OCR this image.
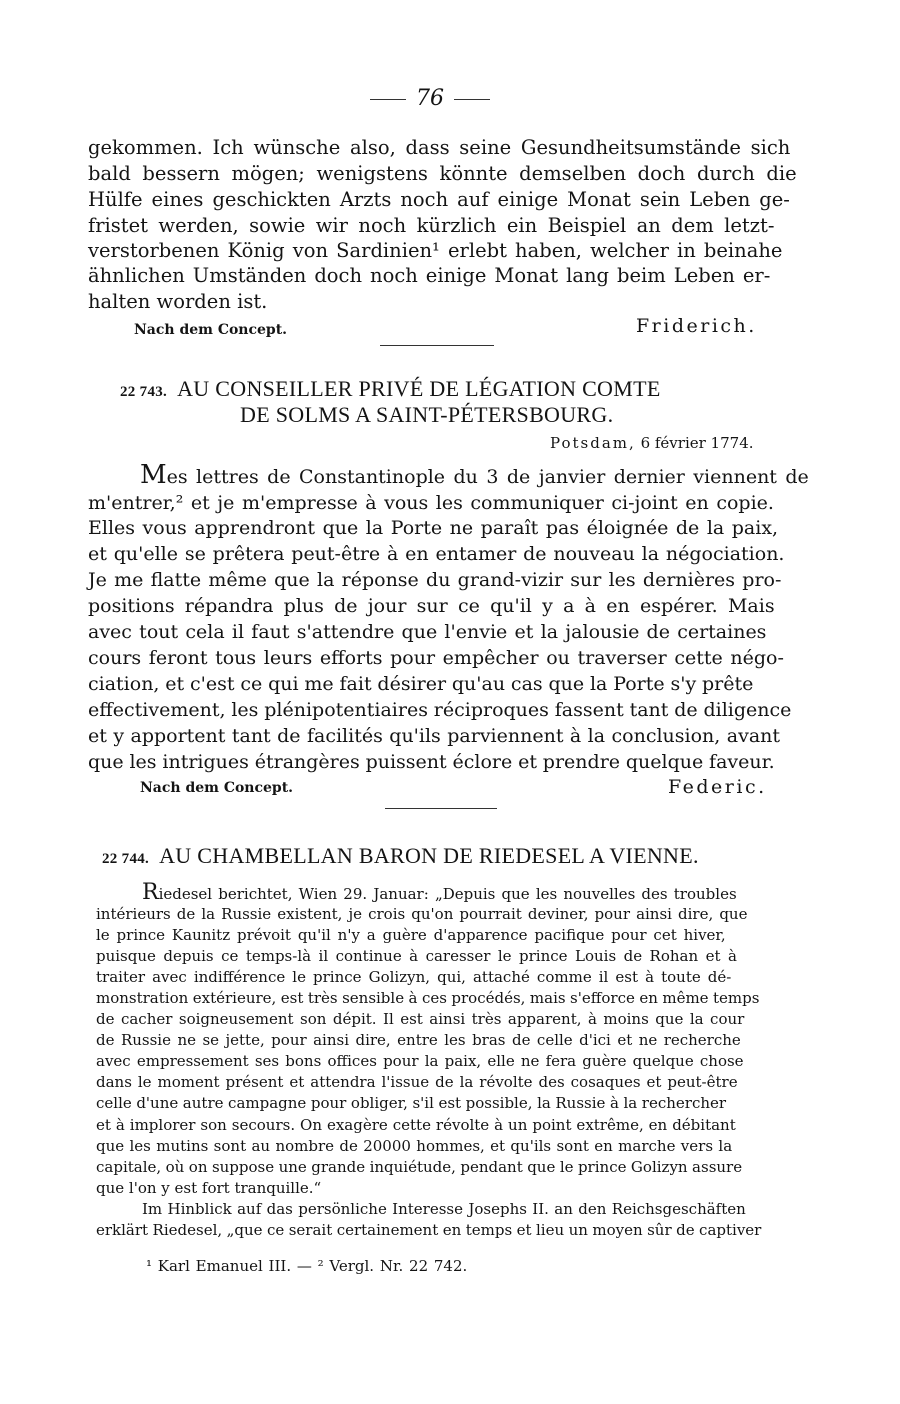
76
gekommen. Ich wünsche also, dass seine Gesundheitsumstände sich
bald bessern mögen; wenigstens könnte demselben doch durch die
Hülfe eines geschickten Arzts noch auf einige Monat sein Leben ge-
fristet werden, sowie wir noch kürzlich ein Beispiel an dem letzt-
verstorbenen König von Sardinien¹ erlebt haben, welcher in beinahe
ähnlichen Umständen doch noch einige Monat lang beim Leben er-
halten worden ist.
Nach dem Concept.	Friderich.
22 743. AU CONSEILLER PRIVÉ DE LÉGATION COMTE
DE SOLMS A SAINT-PÉTERSBOURG.
Potsdam, 6 février 1774.
Mes lettres de Constantinople du 3 de janvier dernier viennent de
m'entrer,² et je m'empresse à vous les communiquer ci-joint en copie.
Elles vous apprendront que la Porte ne paraît pas éloignée de la paix,
et qu'elle se prêtera peut-être à en entamer de nouveau la négociation.
Je me flatte même que la réponse du grand-vizir sur les dernières pro-
positions répandra plus de jour sur ce qu'il y a à en espérer. Mais
avec tout cela il faut s'attendre que l'envie et la jalousie de certaines
cours feront tous leurs efforts pour empêcher ou traverser cette négo-
ciation, et c'est ce qui me fait désirer qu'au cas que la Porte s'y prête
effectivement, les plénipotentiaires réciproques fassent tant de diligence
et y apportent tant de facilités qu'ils parviennent à la conclusion, avant
que les intrigues étrangères puissent éclore et prendre quelque faveur.
Nach dem Concept.	Federic.
22 744. AU CHAMBELLAN BARON DE RIEDESEL A VIENNE.
Riedesel berichtet, Wien 29. Januar: „Depuis que les nouvelles des troubles
intérieurs de la Russie existent, je crois qu'on pourrait deviner, pour ainsi dire, que
le prince Kaunitz prévoit qu'il n'y a guère d'apparence pacifique pour cet hiver,
puisque depuis ce temps-là il continue à caresser le prince Louis de Rohan et à
traiter avec indifférence le prince Golizyn, qui, attaché comme il est à toute dé-
monstration extérieure, est très sensible à ces procédés, mais s'efforce en même temps
de cacher soigneusement son dépit. Il est ainsi très apparent, à moins que la cour
de Russie ne se jette, pour ainsi dire, entre les bras de celle d'ici et ne recherche
avec empressement ses bons offices pour la paix, elle ne fera guère quelque chose
dans le moment présent et attendra l'issue de la révolte des cosaques et peut-être
celle d'une autre campagne pour obliger, s'il est possible, la Russie à la rechercher
et à implorer son secours. On exagère cette révolte à un point extrême, en débitant
que les mutins sont au nombre de 20000 hommes, et qu'ils sont en marche vers la
capitale, où on suppose une grande inquiétude, pendant que le prince Golizyn assure
que l'on y est fort tranquille.“
Im Hinblick auf das persönliche Interesse Josephs II. an den Reichsgeschäften
erklärt Riedesel, „que ce serait certainement en temps et lieu un moyen sûr de captiver
¹ Karl Emanuel III. — ² Vergl. Nr. 22 742.
